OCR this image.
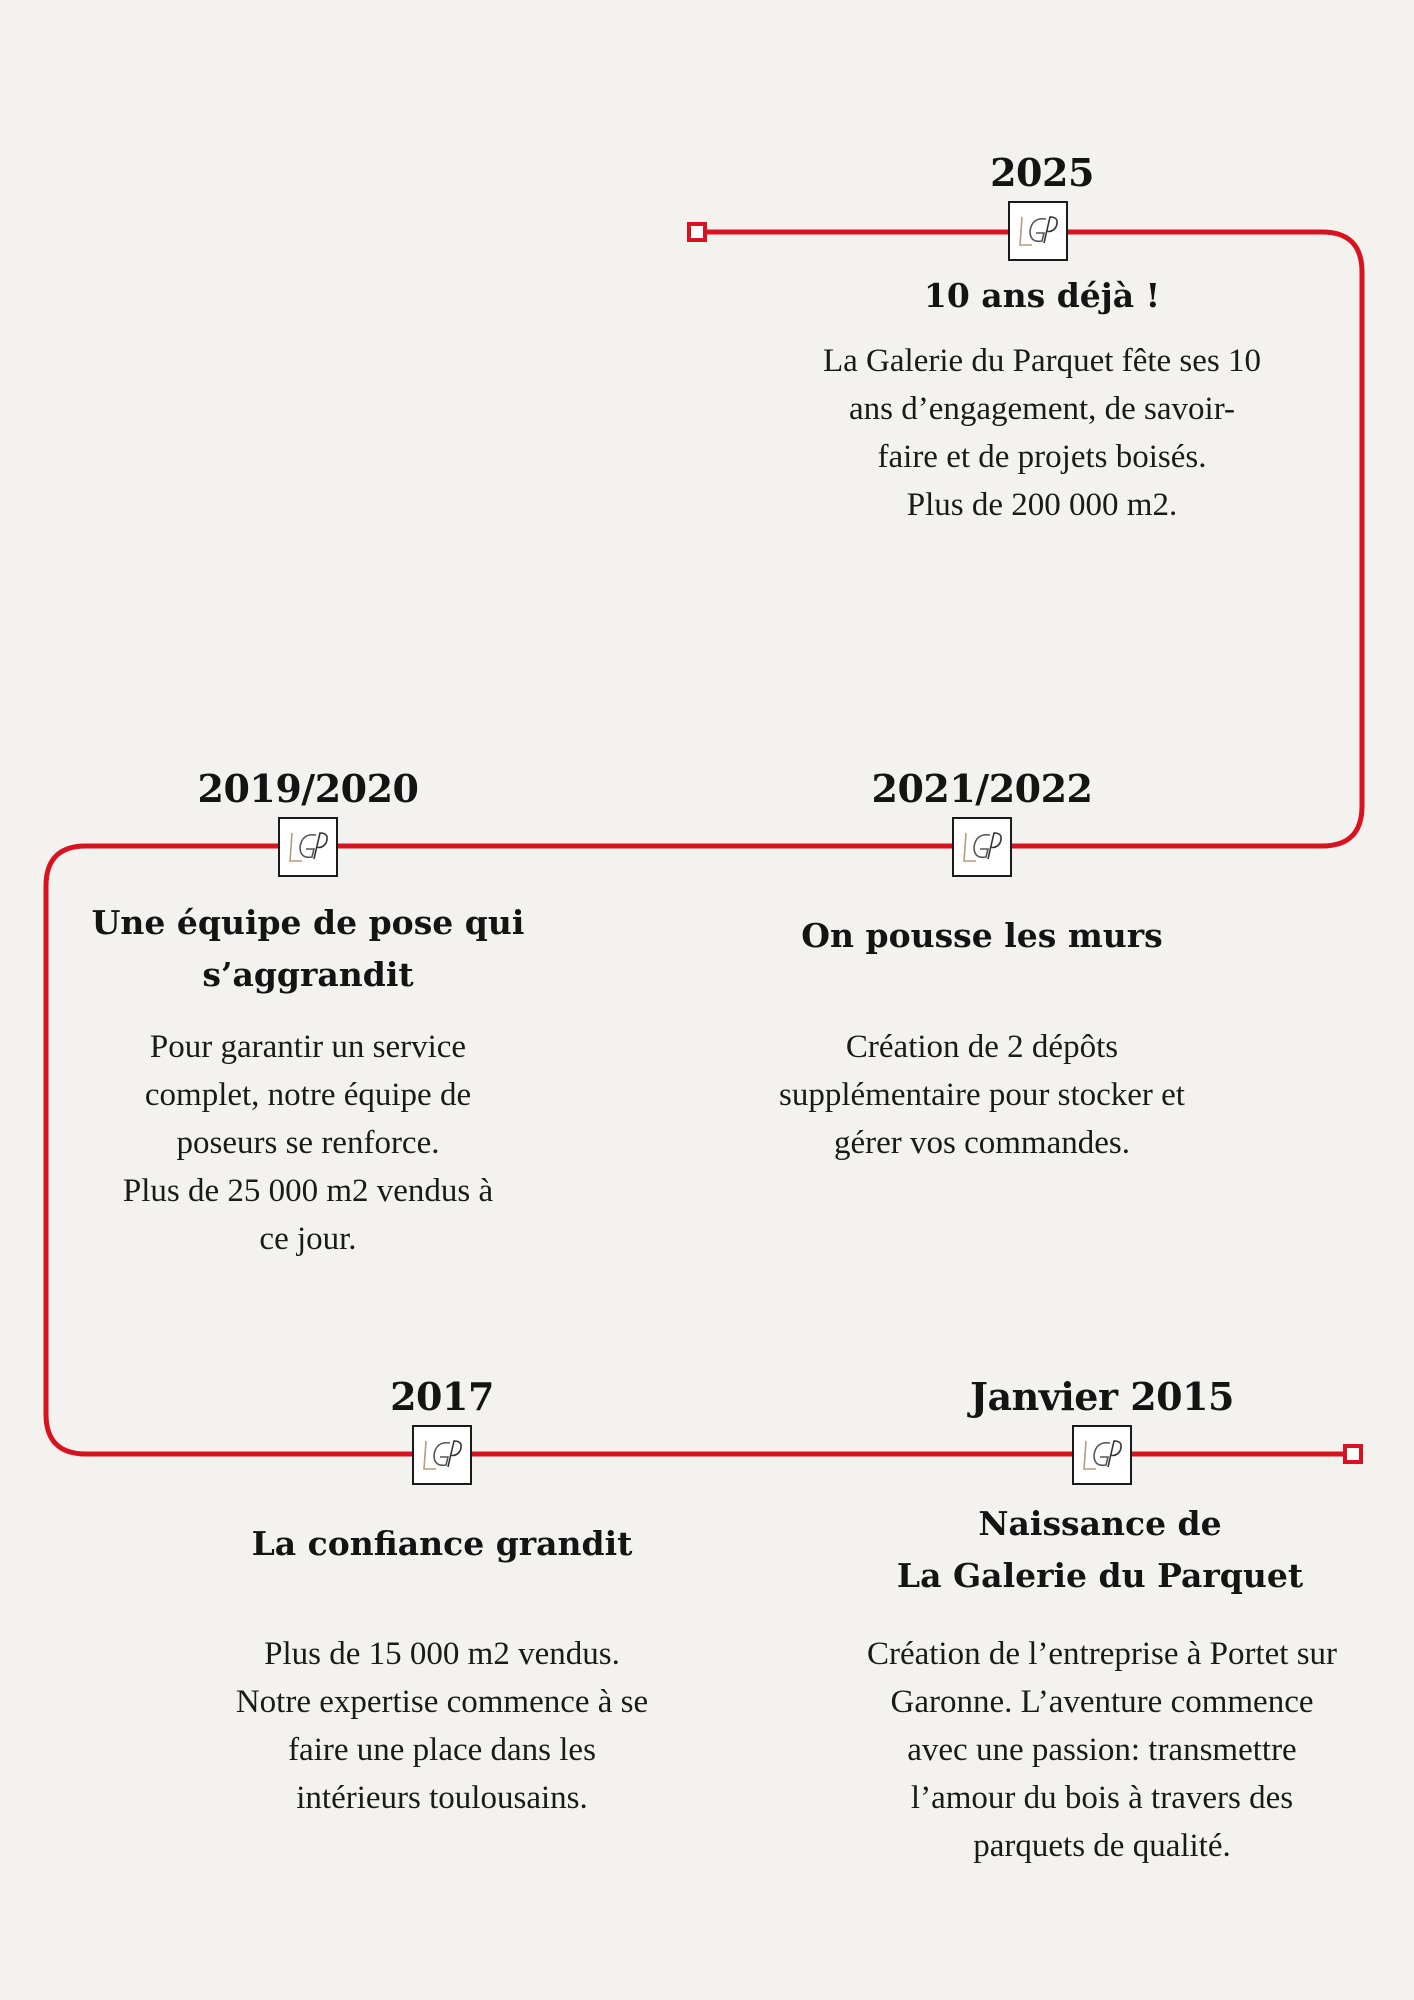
2025
10 ans déjà !
La Galerie du Parquet fête ses 10
ans d’engagement, de savoir-
faire et de projets boisés.
Plus de 200 000 m2.
2019/2020
Une équipe de pose qui
s’aggrandit
Pour garantir un service
complet, notre équipe de
poseurs se renforce.
Plus de 25 000 m2 vendus à
ce jour.
2021/2022
On pousse les murs
Création de 2 dépôts
supplémentaire pour stocker et
gérer vos commandes.
2017
La confiance grandit
Plus de 15 000 m2 vendus.
Notre expertise commence à se
faire une place dans les
intérieurs toulousains.
Janvier 2015
Naissance de
La Galerie du Parquet
Création de l’entreprise à Portet sur
Garonne. L’aventure commence
avec une passion: transmettre
l’amour du bois à travers des
parquets de qualité.
